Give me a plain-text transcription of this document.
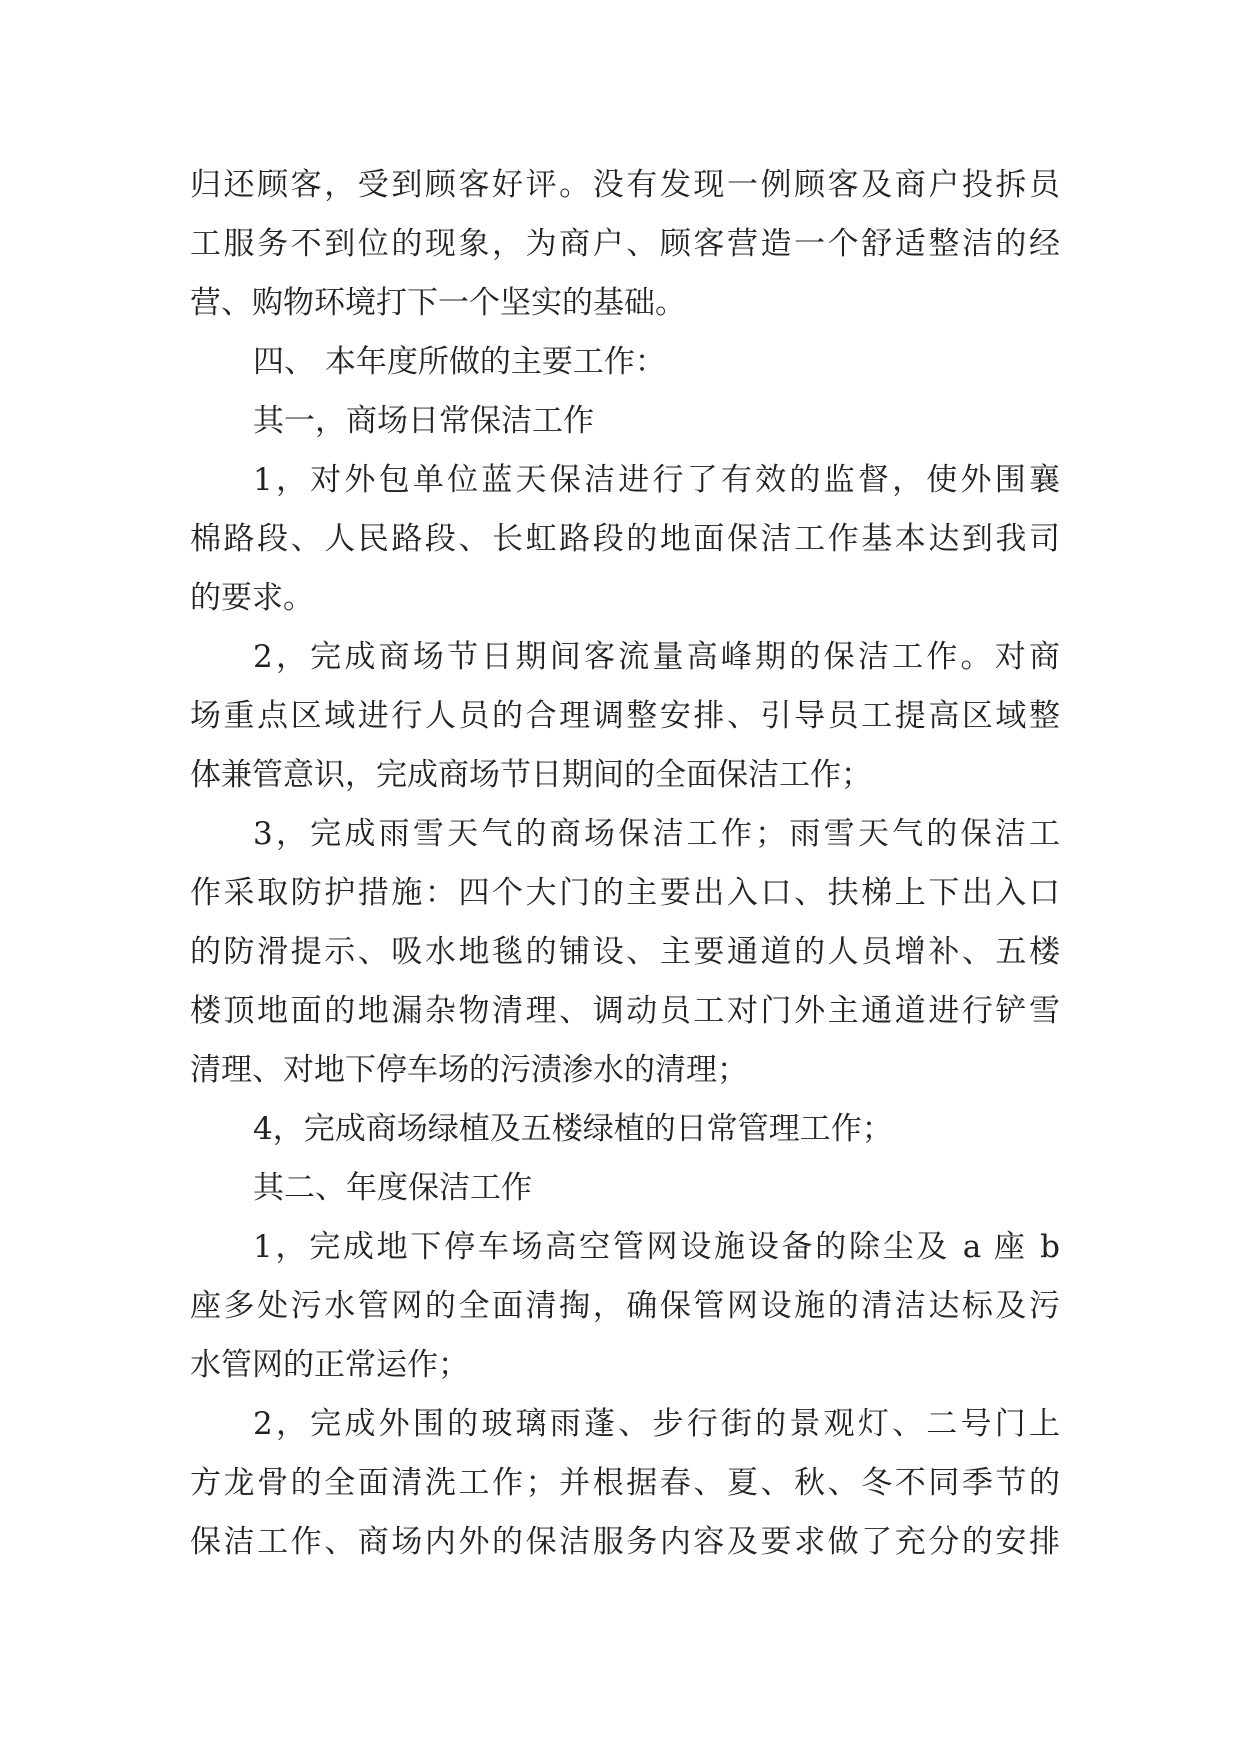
归还顾客，受到顾客好评。没有发现一例顾客及商户投拆员
工服务不到位的现象，为商户、顾客营造一个舒适整洁的经
营、购物环境打下一个坚实的基础。
四、 本年度所做的主要工作：
其一，商场日常保洁工作
1，对外包单位蓝天保洁进行了有效的监督，使外围襄
棉路段、人民路段、长虹路段的地面保洁工作基本达到我司
的要求。
2，完成商场节日期间客流量高峰期的保洁工作。对商
场重点区域进行人员的合理调整安排、引导员工提高区域整
体兼管意识，完成商场节日期间的全面保洁工作；
3，完成雨雪天气的商场保洁工作；雨雪天气的保洁工
作采取防护措施：四个大门的主要出入口、扶梯上下出入口
的防滑提示、吸水地毯的铺设、主要通道的人员增补、五楼
楼顶地面的地漏杂物清理、调动员工对门外主通道进行铲雪
清理、对地下停车场的污渍渗水的清理；
4，完成商场绿植及五楼绿植的日常管理工作；
其二、年度保洁工作
1，完成地下停车场高空管网设施设备的除尘及 a 座 b
座多处污水管网的全面清掏，确保管网设施的清洁达标及污
水管网的正常运作；
2，完成外围的玻璃雨蓬、步行街的景观灯、二号门上
方龙骨的全面清洗工作；并根据春、夏、秋、冬不同季节的
保洁工作、商场内外的保洁服务内容及要求做了充分的安排
